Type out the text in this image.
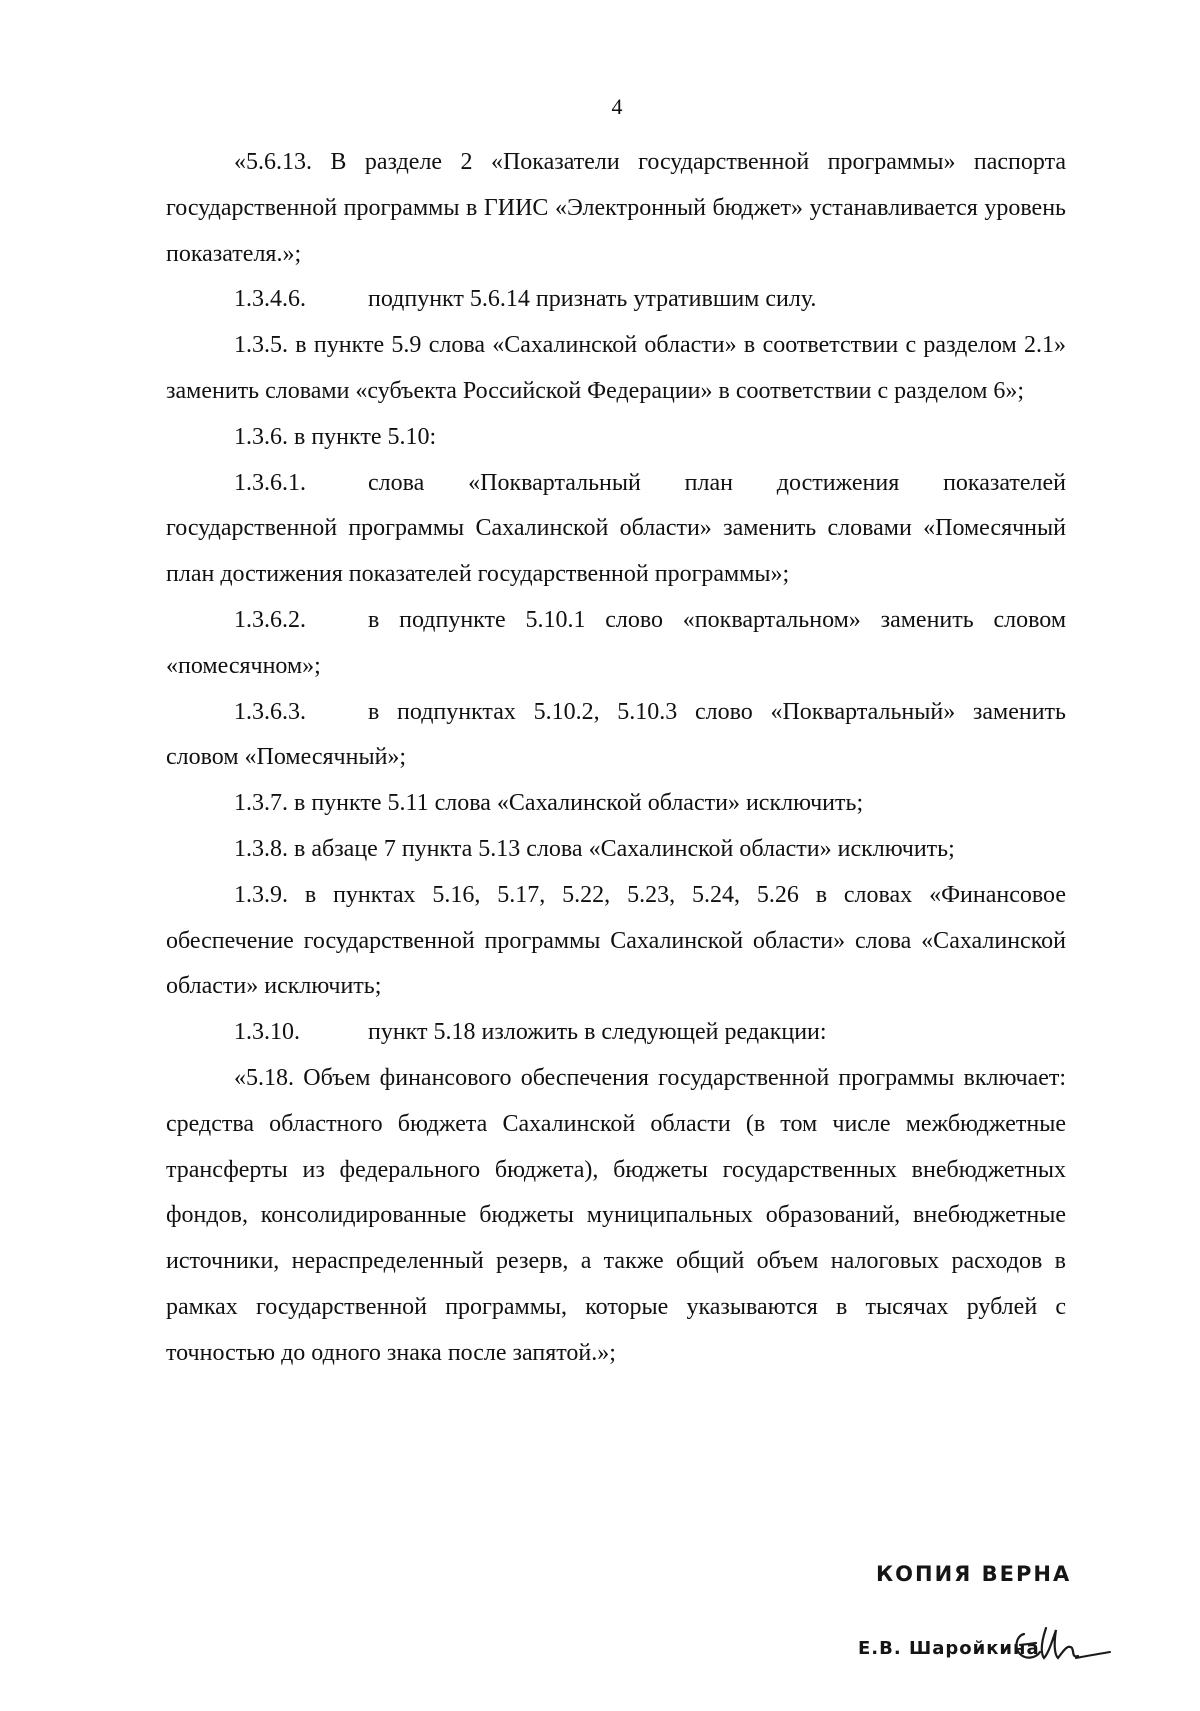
4

«5.6.13. В разделе 2 «Показатели государственной программы» паспорта государственной программы в ГИИС «Электронный бюджет» устанавливается уровень показателя.»;

1.3.4.6.	подпункт 5.6.14 признать утратившим силу.

1.3.5. в пункте 5.9 слова «Сахалинской области» в соответствии с разделом 2.1» заменить словами «субъекта Российской Федерации» в соответствии с разделом 6»;

1.3.6. в пункте 5.10:

1.3.6.1.	слова «Поквартальный план достижения показателей
государственной программы Сахалинской области» заменить словами «Помесячный план достижения показателей государственной программы»;
1.3.6.2.	в подпункте 5.10.1 слово «поквартальном» заменить словом
«помесячном»;
1.3.6.3.	в подпунктах 5.10.2, 5.10.3 слово «Поквартальный» заменить
словом «Помесячный»;

1.3.7. в пункте 5.11 слова «Сахалинской области» исключить;

1.3.8. в абзаце 7 пункта 5.13 слова «Сахалинской области» исключить;

1.3.9. в пунктах 5.16, 5.17, 5.22, 5.23, 5.24, 5.26 в словах «Финансовое обеспечение государственной программы Сахалинской области» слова «Сахалинской области» исключить;

1.3.10.	пункт 5.18 изложить в следующей редакции:

«5.18. Объем финансового обеспечения государственной программы включает: средства областного бюджета Сахалинской области (в том числе межбюджетные трансферты из федерального бюджета), бюджеты государственных внебюджетных фондов, консолидированные бюджеты муниципальных образований, внебюджетные источники, нераспределенный резерв, а также общий объем налоговых расходов в рамках государственной программы, которые указываются в тысячах рублей с точностью до одного знака после запятой.»;

КОПИЯ ВЕРНА
Е.В. Шаройкина
